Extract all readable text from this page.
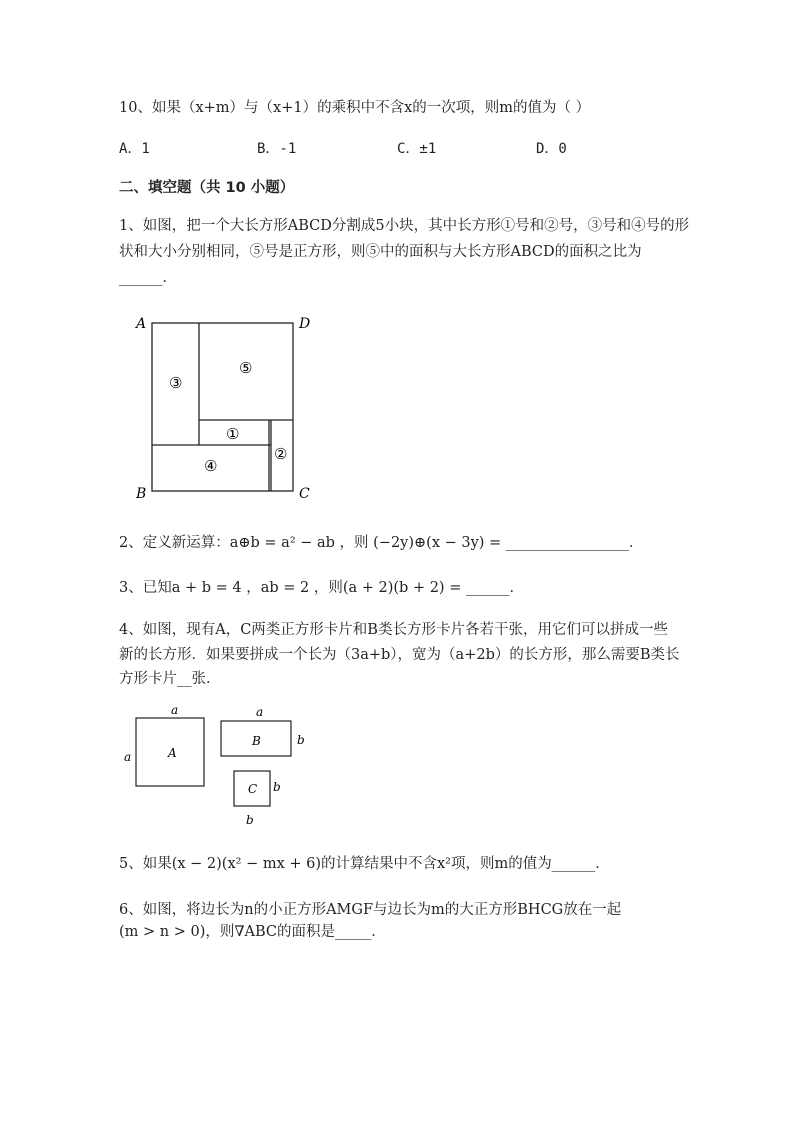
10、如果（x+m）与（x+1）的乘积中不含x的一次项，则m的值为（ ）
A．1	B．-1	C．±1	D．0
二、填空题（共 10 小题）
1、如图，把一个大长方形ABCD分割成5小块，其中长方形①号和②号，③号和④号的形
状和大小分别相同，⑤号是正方形，则⑤中的面积与大长方形ABCD的面积之比为
______．
A	D
B	C
③
⑤
①
④
②
2、定义新运算：a⊕b = a² − ab ，则 (−2y)⊕(x − 3y) = _________________．
3、已知a + b = 4 ，ab = 2 ，则(a + 2)(b + 2) = ______．
4、如图，现有A，C两类正方形卡片和B类长方形卡片各若干张，用它们可以拼成一些
新的长方形．如果要拼成一个长为（3a+b），宽为（a+2b）的长方形，那么需要B类长
方形卡片__张．
a
a	A
a
b
B
b
C
b
5、如果(x − 2)(x² − mx + 6)的计算结果中不含x²项，则m的值为______．
6、如图，将边长为n的小正方形AMGF与边长为m的大正方形BHCG放在一起
(m > n > 0)，则∇ABC的面积是_____．
